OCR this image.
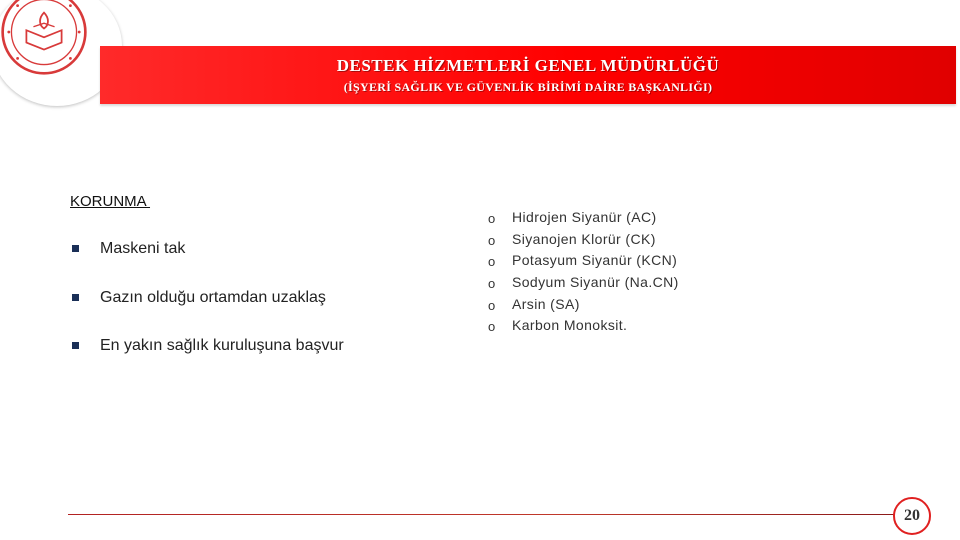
DESTEK HİZMETLERİ GENEL MÜDÜRLÜĞÜ
(İŞYERİ SAĞLIK VE GÜVENLİK BİRİMİ DAİRE BAŞKANLIĞI)
KORUNMA
Maskeni tak
Gazın olduğu ortamdan uzaklaş
En yakın sağlık kuruluşuna başvur
o Hidrojen Siyanür (AC)
o Siyanojen Klorür (CK)
o Potasyum Siyanür (KCN)
o Sodyum Siyanür (Na.CN)
o Arsin (SA)
o Karbon Monoksit.
20
